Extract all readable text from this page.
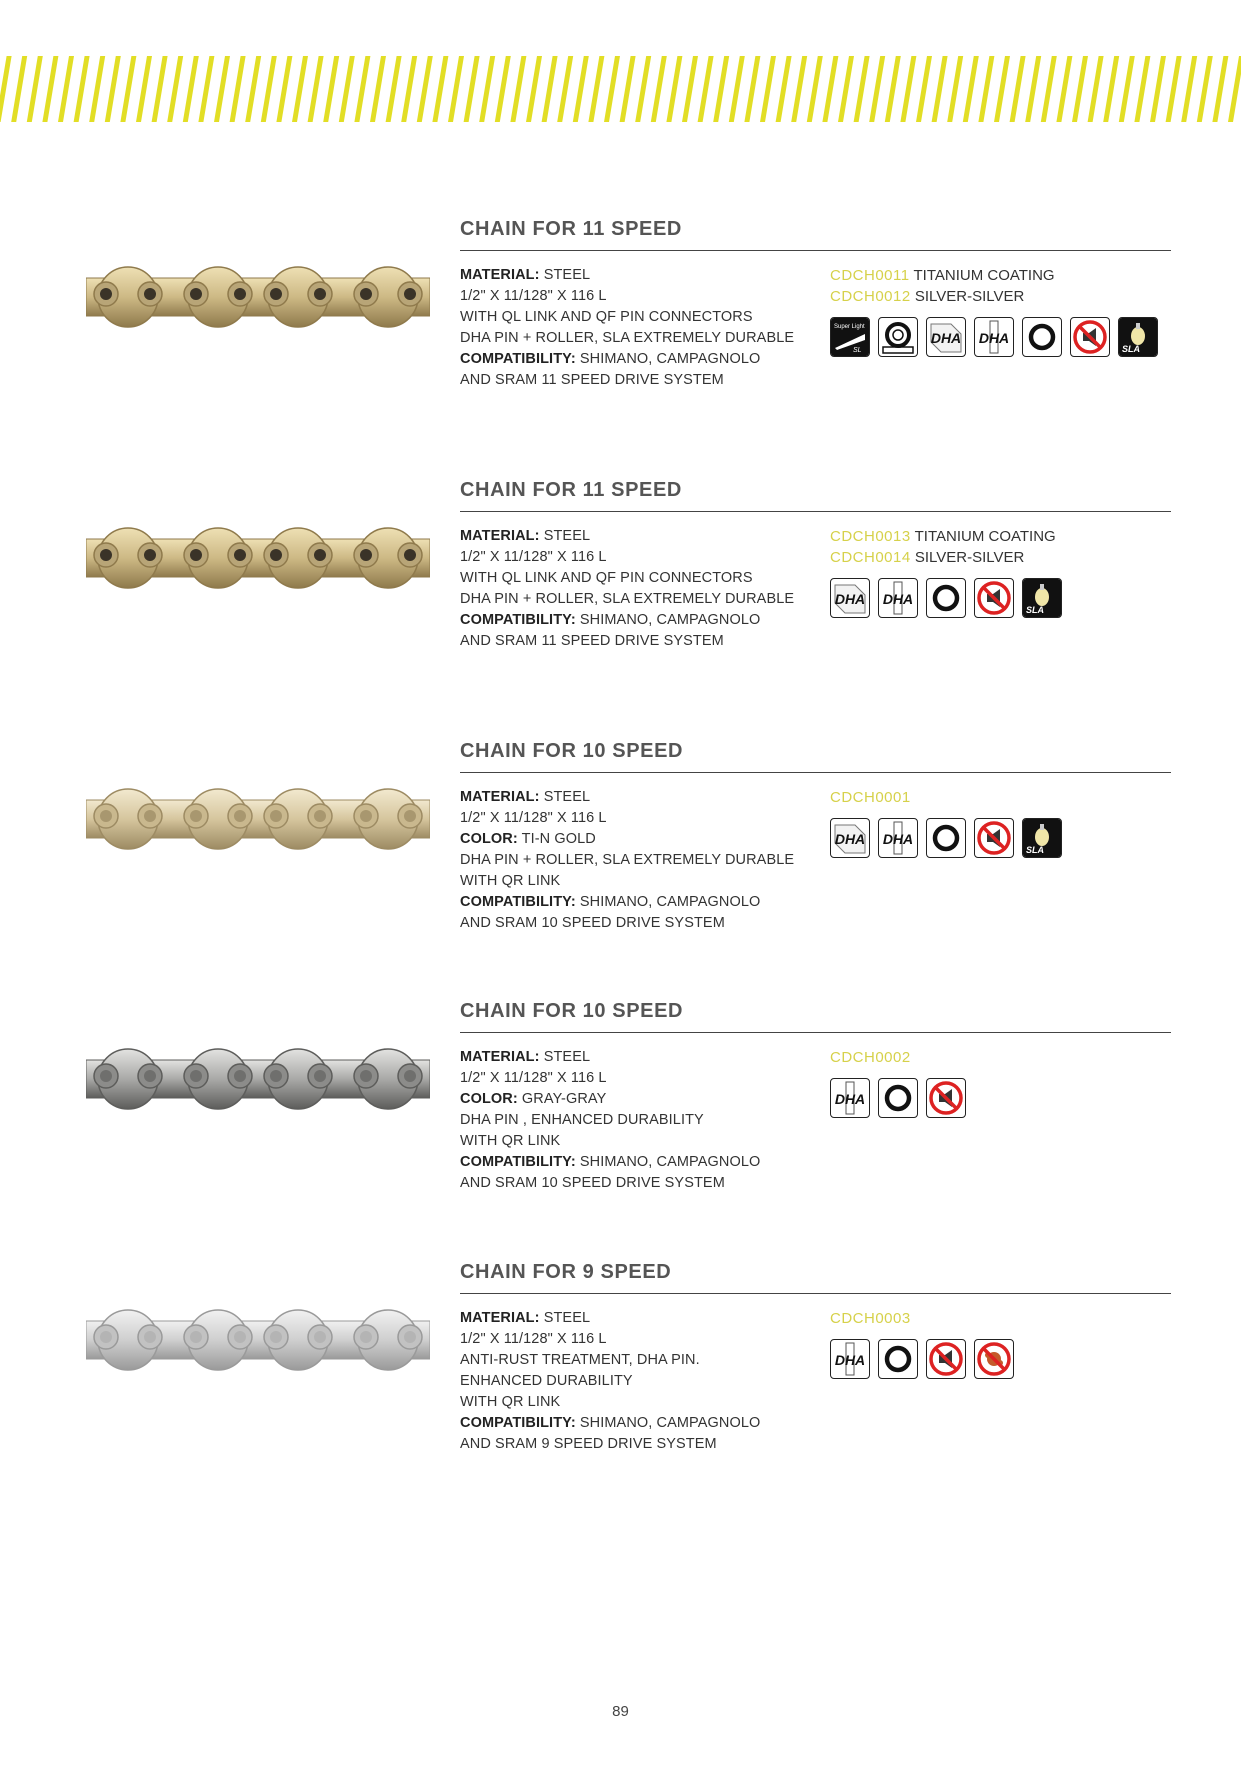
CHAIN FOR 11 SPEED
MATERIAL: STEEL
1/2" X 11/128" X 116 L
WITH QL LINK AND QF PIN CONNECTORS
DHA PIN + ROLLER, SLA EXTREMELY DURABLE
COMPATIBILITY: SHIMANO, CAMPAGNOLO
AND SRAM 11 SPEED DRIVE SYSTEM
CDCH0011 TITANIUM COATING
CDCH0012 SILVER-SILVER
Super Light
SL
DHA DHA
SLA
CHAIN FOR 11 SPEED
MATERIAL: STEEL
1/2" X 11/128" X 116 L
WITH QL LINK AND QF PIN CONNECTORS
DHA PIN + ROLLER, SLA EXTREMELY DURABLE
COMPATIBILITY: SHIMANO, CAMPAGNOLO
AND SRAM 11 SPEED DRIVE SYSTEM
CDCH0013 TITANIUM COATING
CDCH0014 SILVER-SILVER
DHA DHA
SLA
CHAIN FOR 10 SPEED
MATERIAL: STEEL
1/2" X 11/128" X 116 L
COLOR: TI-N GOLD
DHA PIN + ROLLER, SLA EXTREMELY DURABLE
WITH QR LINK
COMPATIBILITY: SHIMANO, CAMPAGNOLO
AND SRAM 10 SPEED DRIVE SYSTEM
CDCH0001
DHA DHA
SLA
CHAIN FOR 10 SPEED
MATERIAL: STEEL
1/2" X 11/128" X 116 L
COLOR: GRAY-GRAY
DHA PIN , ENHANCED DURABILITY
WITH QR LINK
COMPATIBILITY: SHIMANO, CAMPAGNOLO
AND SRAM 10 SPEED DRIVE SYSTEM
CDCH0002
DHA
CHAIN FOR 9 SPEED
MATERIAL: STEEL
1/2" X 11/128" X 116 L
ANTI-RUST TREATMENT, DHA PIN.
ENHANCED DURABILITY
WITH QR LINK
COMPATIBILITY: SHIMANO, CAMPAGNOLO
AND SRAM 9 SPEED DRIVE SYSTEM
CDCH0003
DHA
89
